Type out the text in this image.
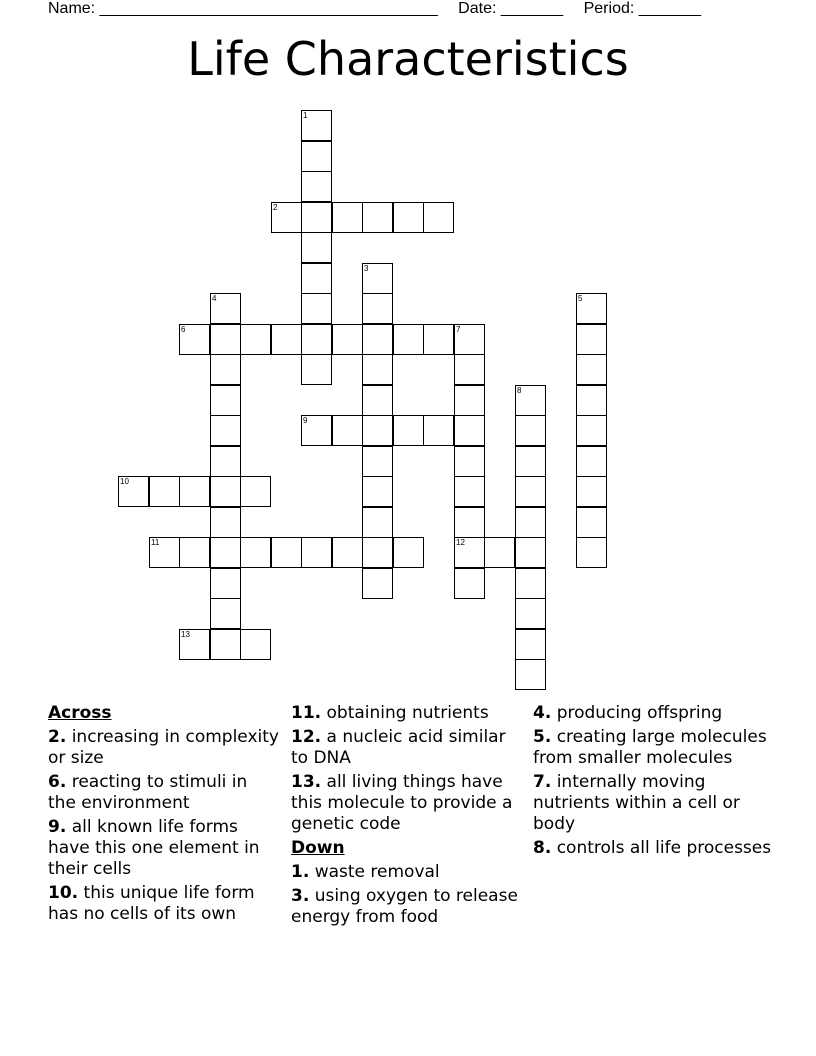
Name: ______________________________________ Date: _______ Period: _______
Life Characteristics
1
2
3
4	5
6	7
12
8
9
10
11
13
Across
2. increasing in complexity or size
6. reacting to stimuli in the environment
9. all known life forms have this one element in their cells
10. this unique life form has no cells of its own
11. obtaining nutrients
12. a nucleic acid similar to DNA
13. all living things have this molecule to provide a genetic code
Down
1. waste removal
3. using oxygen to release energy from food
4. producing offspring
5. creating large molecules from smaller molecules
7. internally moving nutrients within a cell or body
8. controls all life processes
